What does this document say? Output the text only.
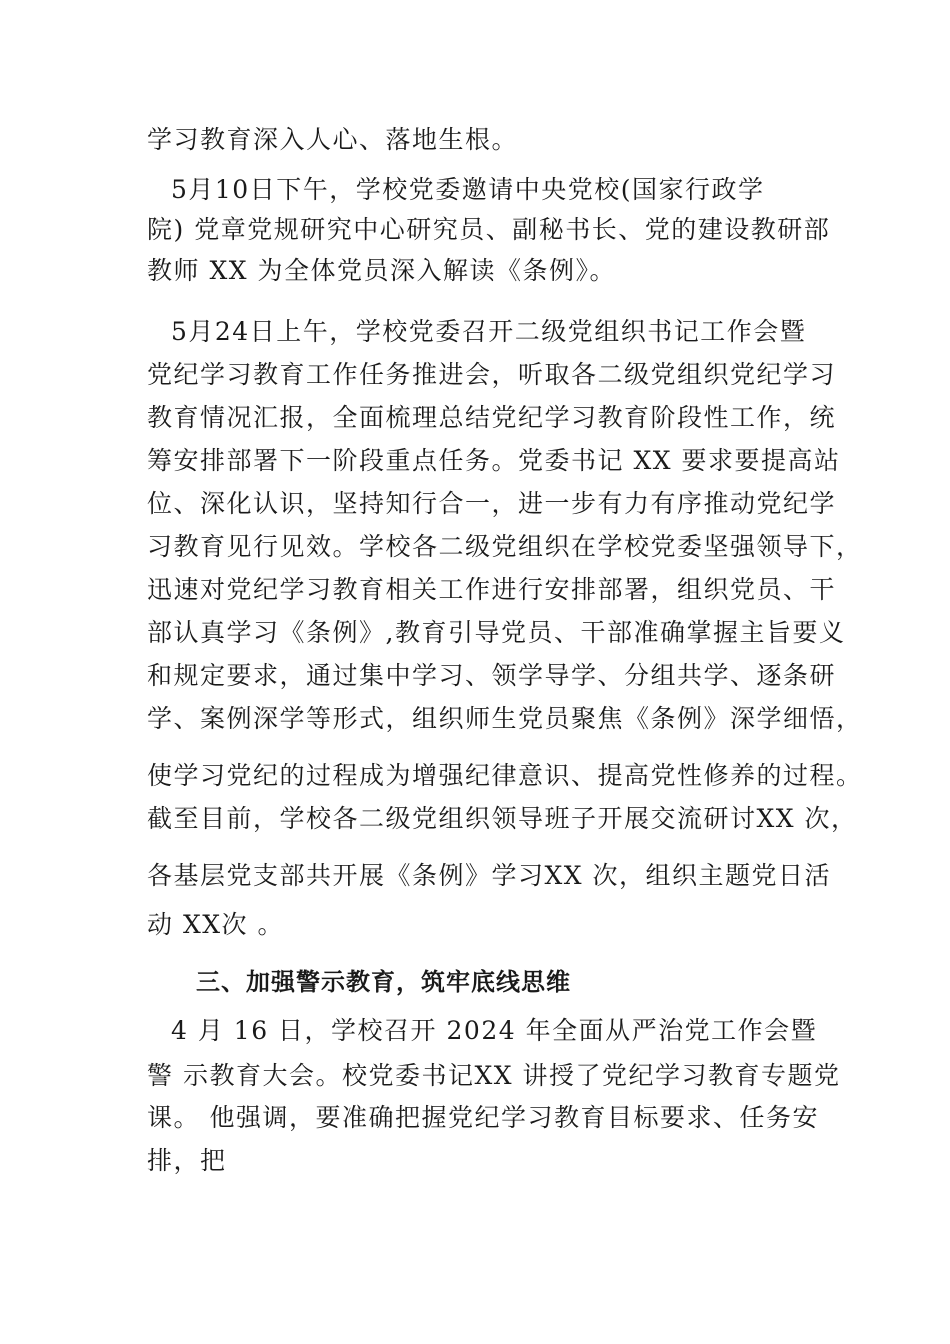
学习教育深入人心、落地生根。
5月10日下午，学校党委邀请中央党校(国家行政学
院) 党章党规研究中心研究员、副秘书长、党的建设教研部
教师 XX 为全体党员深入解读《条例》。
5月24日上午，学校党委召开二级党组织书记工作会暨
党纪学习教育工作任务推进会，听取各二级党组织党纪学习
教育情况汇报，全面梳理总结党纪学习教育阶段性工作，统
筹安排部署下一阶段重点任务。党委书记 XX 要求要提高站
位、深化认识，坚持知行合一，进一步有力有序推动党纪学
习教育见行见效。学校各二级党组织在学校党委坚强领导下，
迅速对党纪学习教育相关工作进行安排部署，组织党员、干
部认真学习《条例》,教育引导党员、干部准确掌握主旨要义
和规定要求，通过集中学习、领学导学、分组共学、逐条研
学、案例深学等形式，组织师生党员聚焦《条例》深学细悟，
使学习党纪的过程成为增强纪律意识、提高党性修养的过程。
截至目前，学校各二级党组织领导班子开展交流研讨XX 次，
各基层党支部共开展《条例》学习XX 次，组织主题党日活
动 XX次 。
三、加强警示教育，筑牢底线思维
4 月 16 日，学校召开 2024 年全面从严治党工作会暨
警 示教育大会。校党委书记XX 讲授了党纪学习教育专题党
课。 他强调，要准确把握党纪学习教育目标要求、任务安
排，把
